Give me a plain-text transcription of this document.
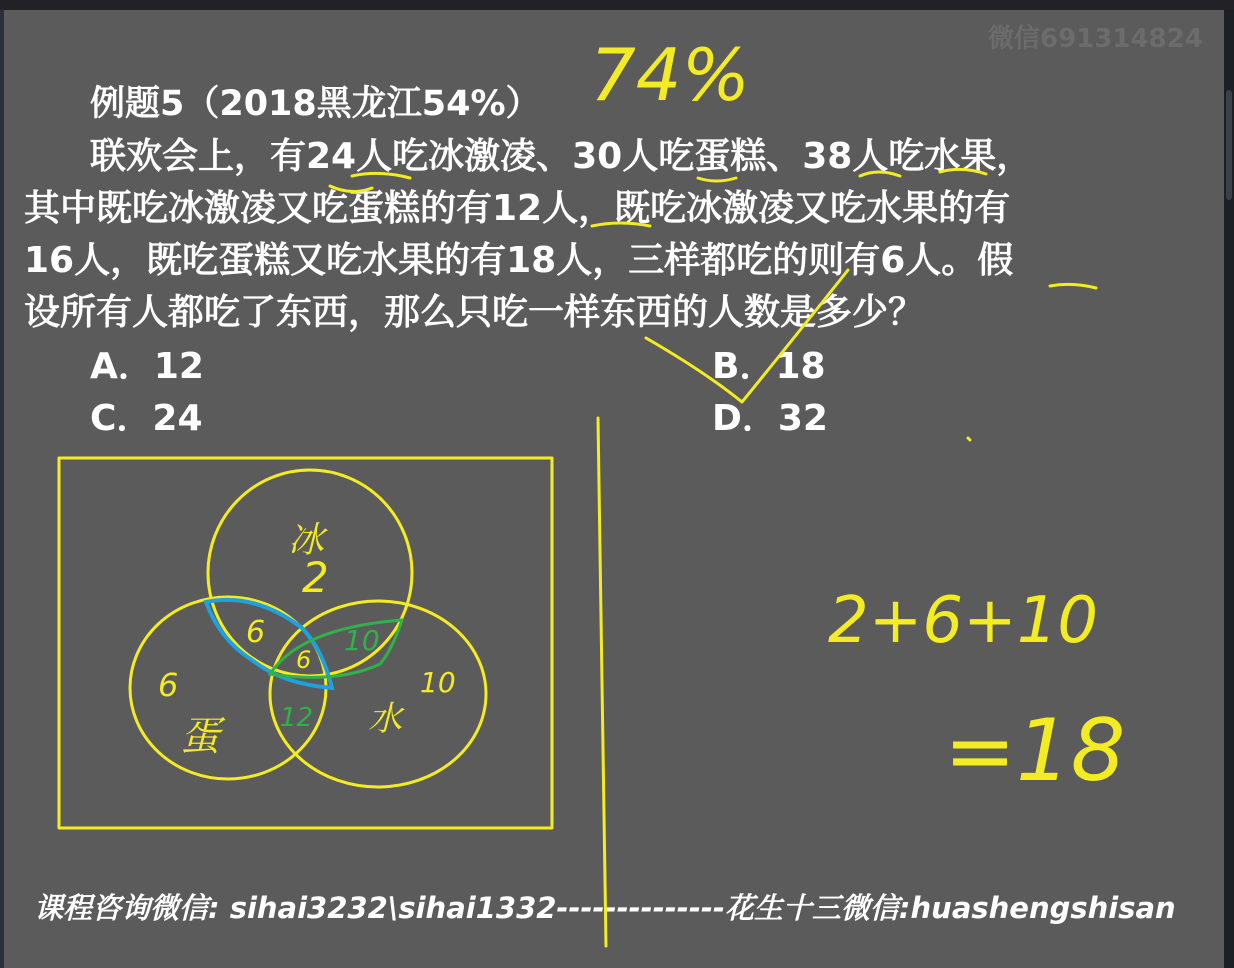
微信691314824
例题5（2018黑龙江54%）
联欢会上，有24人吃冰激凌、30人吃蛋糕、38人吃水果，
其中既吃冰激凌又吃蛋糕的有12人，既吃冰激凌又吃水果的有
16人，既吃蛋糕又吃水果的有18人，三样都吃的则有6人。假
设所有人都吃了东西，那么只吃一样东西的人数是多少？
A．12	B．18
C．24	D．32
课程咨询微信: sihai3232\sihai1332--------------花生十三微信:huashengshisan
74%
冰
2
6
蛋	水
10
6
6
10
12
2+6+10
=18
